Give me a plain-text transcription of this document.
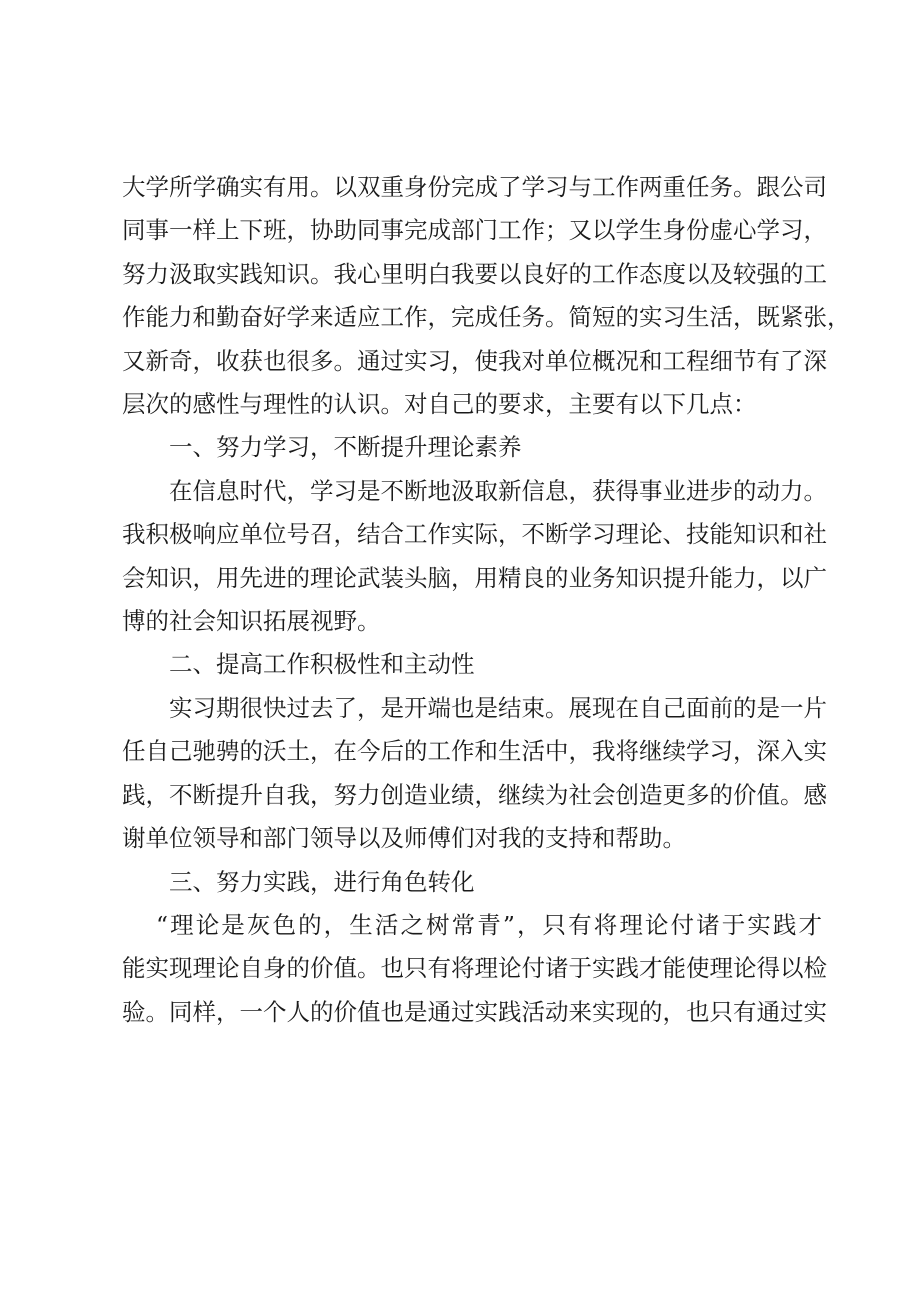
大学所学确实有用。以双重身份完成了学习与工作两重任务。跟公司

同事一样上下班，协助同事完成部门工作；又以学生身份虚心学习，

努力汲取实践知识。我心里明白我要以良好的工作态度以及较强的工

作能力和勤奋好学来适应工作，完成任务。简短的实习生活，既紧张，

又新奇，收获也很多。通过实习，使我对单位概况和工程细节有了深

层次的感性与理性的认识。对自己的要求，主要有以下几点：

一、努力学习，不断提升理论素养

在信息时代，学习是不断地汲取新信息，获得事业进步的动力。

我积极响应单位号召，结合工作实际，不断学习理论、技能知识和社

会知识，用先进的理论武装头脑，用精良的业务知识提升能力，以广

博的社会知识拓展视野。

二、提高工作积极性和主动性

实习期很快过去了，是开端也是结束。展现在自己面前的是一片

任自己驰骋的沃土，在今后的工作和生活中，我将继续学习，深入实

践，不断提升自我，努力创造业绩，继续为社会创造更多的价值。感

谢单位领导和部门领导以及师傅们对我的支持和帮助。

三、努力实践，进行角色转化

“理论是灰色的，生活之树常青”，只有将理论付诸于实践才

能实现理论自身的价值。也只有将理论付诸于实践才能使理论得以检

验。同样，一个人的价值也是通过实践活动来实现的，也只有通过实
